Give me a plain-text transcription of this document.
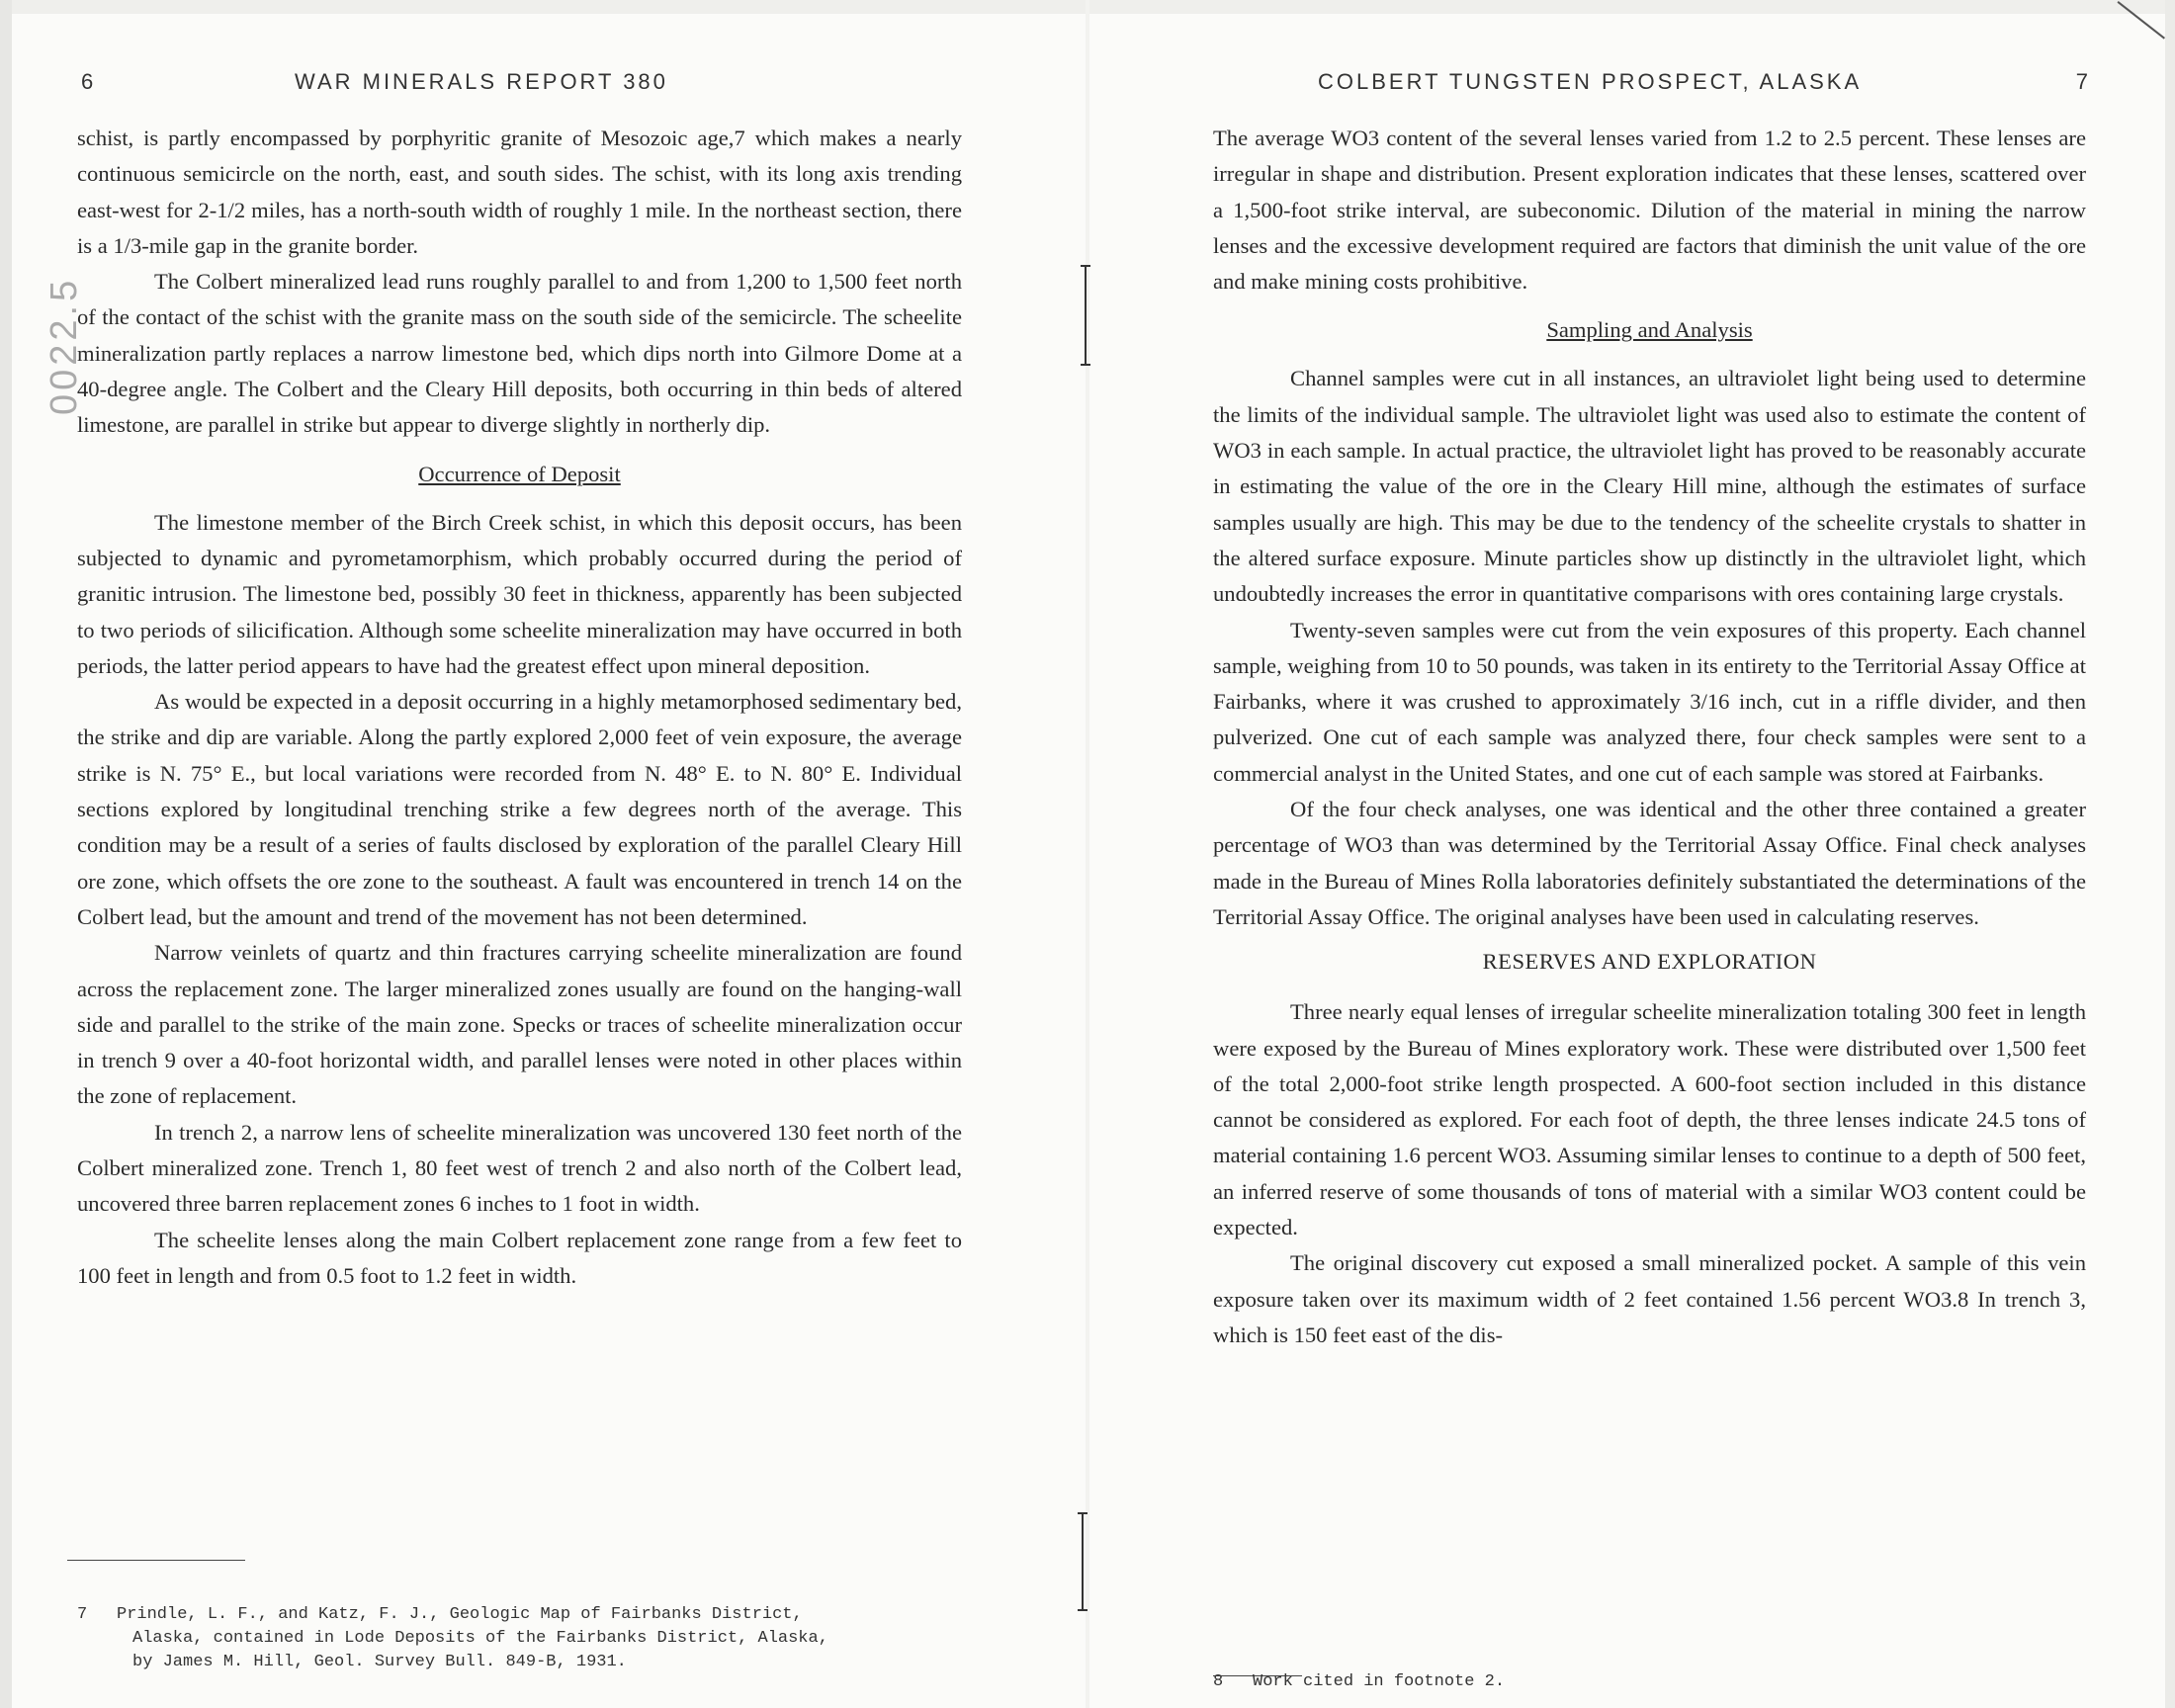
0022.5
6	WAR MINERALS REPORT 380

schist, is partly encompassed by porphyritic granite of Mesozoic age,7 which makes a nearly continuous semicircle on the north, east, and south sides. The schist, with its long axis trending east-west for 2-1/2 miles, has a north-south width of roughly 1 mile. In the northeast section, there is a 1/3-mile gap in the granite border.

The Colbert mineralized lead runs roughly parallel to and from 1,200 to 1,500 feet north of the contact of the schist with the granite mass on the south side of the semicircle. The scheelite mineralization partly replaces a narrow limestone bed, which dips north into Gilmore Dome at a 40-degree angle. The Colbert and the Cleary Hill deposits, both occurring in thin beds of altered limestone, are parallel in strike but appear to diverge slightly in northerly dip.

Occurrence of Deposit

The limestone member of the Birch Creek schist, in which this deposit occurs, has been subjected to dynamic and pyrometamorphism, which probably occurred during the period of granitic intrusion. The limestone bed, possibly 30 feet in thickness, apparently has been subjected to two periods of silicification. Although some scheelite mineralization may have occurred in both periods, the latter period appears to have had the greatest effect upon mineral deposition.

As would be expected in a deposit occurring in a highly metamorphosed sedimentary bed, the strike and dip are variable. Along the partly explored 2,000 feet of vein exposure, the average strike is N. 75° E., but local variations were recorded from N. 48° E. to N. 80° E. Individual sections explored by longitudinal trenching strike a few degrees north of the average. This condition may be a result of a series of faults disclosed by exploration of the parallel Cleary Hill ore zone, which offsets the ore zone to the southeast. A fault was encountered in trench 14 on the Colbert lead, but the amount and trend of the movement has not been determined.

Narrow veinlets of quartz and thin fractures carrying scheelite mineralization are found across the replacement zone. The larger mineralized zones usually are found on the hanging-wall side and parallel to the strike of the main zone. Specks or traces of scheelite mineralization occur in trench 9 over a 40-foot horizontal width, and parallel lenses were noted in other places within the zone of replacement.

In trench 2, a narrow lens of scheelite mineralization was uncovered 130 feet north of the Colbert mineralized zone. Trench 1, 80 feet west of trench 2 and also north of the Colbert lead, uncovered three barren replacement zones 6 inches to 1 foot in width.

The scheelite lenses along the main Colbert replacement zone range from a few feet to 100 feet in length and from 0.5 foot to 1.2 feet in width.

7	Prindle, L. F., and Katz, F. J., Geologic Map of Fairbanks District,
Alaska, contained in Lode Deposits of the Fairbanks District, Alaska,
by James M. Hill, Geol. Survey Bull. 849-B, 1931.
COLBERT TUNGSTEN PROSPECT, ALASKA	7

The average WO3 content of the several lenses varied from 1.2 to 2.5 percent. These lenses are irregular in shape and distribution. Present exploration indicates that these lenses, scattered over a 1,500-foot strike interval, are subeconomic. Dilution of the material in mining the narrow lenses and the excessive development required are factors that diminish the unit value of the ore and make mining costs prohibitive.

Sampling and Analysis

Channel samples were cut in all instances, an ultraviolet light being used to determine the limits of the individual sample. The ultraviolet light was used also to estimate the content of WO3 in each sample. In actual practice, the ultraviolet light has proved to be reasonably accurate in estimating the value of the ore in the Cleary Hill mine, although the estimates of surface samples usually are high. This may be due to the tendency of the scheelite crystals to shatter in the altered surface exposure. Minute particles show up distinctly in the ultraviolet light, which undoubtedly increases the error in quantitative comparisons with ores containing large crystals.

Twenty-seven samples were cut from the vein exposures of this property. Each channel sample, weighing from 10 to 50 pounds, was taken in its entirety to the Territorial Assay Office at Fairbanks, where it was crushed to approximately 3/16 inch, cut in a riffle divider, and then pulverized. One cut of each sample was analyzed there, four check samples were sent to a commercial analyst in the United States, and one cut of each sample was stored at Fairbanks.

Of the four check analyses, one was identical and the other three contained a greater percentage of WO3 than was determined by the Territorial Assay Office. Final check analyses made in the Bureau of Mines Rolla laboratories definitely substantiated the determinations of the Territorial Assay Office. The original analyses have been used in calculating reserves.

RESERVES AND EXPLORATION

Three nearly equal lenses of irregular scheelite mineralization totaling 300 feet in length were exposed by the Bureau of Mines exploratory work. These were distributed over 1,500 feet of the total 2,000-foot strike length prospected. A 600-foot section included in this distance cannot be considered as explored. For each foot of depth, the three lenses indicate 24.5 tons of material containing 1.6 percent WO3. Assuming similar lenses to continue to a depth of 500 feet, an inferred reserve of some thousands of tons of material with a similar WO3 content could be expected.

The original discovery cut exposed a small mineralized pocket. A sample of this vein exposure taken over its maximum width of 2 feet contained 1.56 percent WO3.8 In trench 3, which is 150 feet east of the dis-

8	Work cited in footnote 2.
